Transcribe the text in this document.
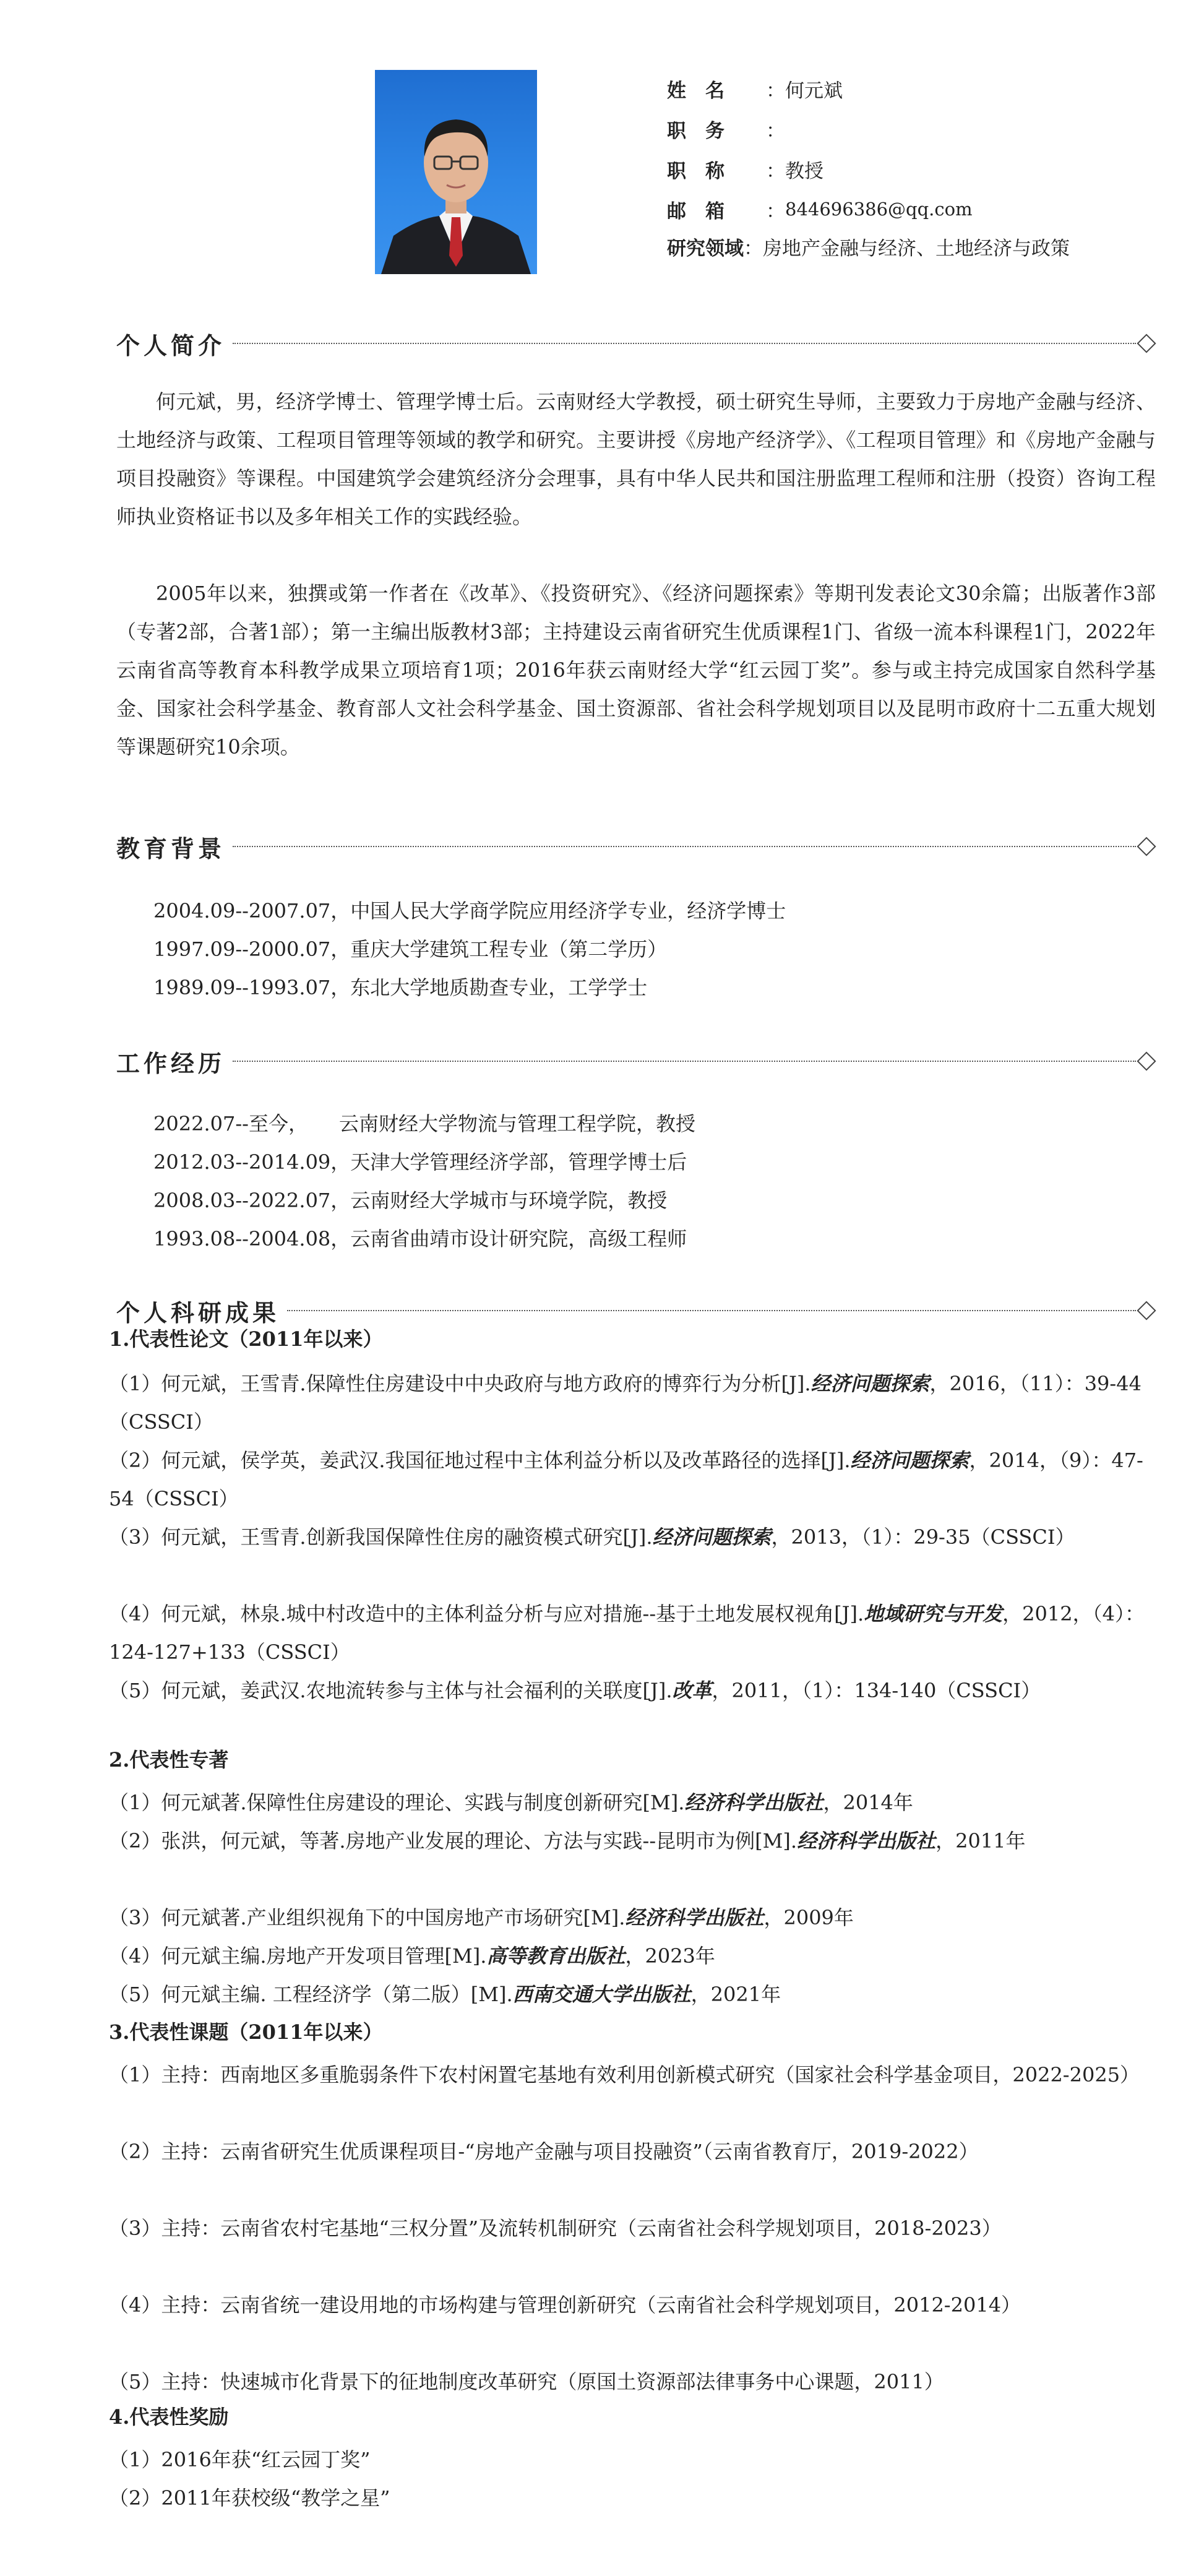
姓　名 ： 何元斌
职　务 ：
职　称 ： 教授
邮　箱 ： 844696386@qq.com
研究领域 ： 房地产金融与经济、土地经济与政策
个人简介

何元斌，男，经济学博士、管理学博士后。云南财经大学教授，硕士研究生导师，主要致力于房地产金融与经济、土地经济与政策、工程项目管理等领域的教学和研究。主要讲授《房地产经济学》、《工程项目管理》和《房地产金融与项目投融资》等课程。中国建筑学会建筑经济分会理事，具有中华人民共和国注册监理工程师和注册（投资）咨询工程师执业资格证书以及多年相关工作的实践经验。

2005年以来，独撰或第一作者在《改革》、《投资研究》、《经济问题探索》等期刊发表论文30余篇；出版著作3部（专著2部，合著1部）；第一主编出版教材3部；主持建设云南省研究生优质课程1门、省级一流本科课程1门，2022年云南省高等教育本科教学成果立项培育1项；2016年获云南财经大学“红云园丁奖”。参与或主持完成国家自然科学基金、国家社会科学基金、教育部人文社会科学基金、国土资源部、省社会科学规划项目以及昆明市政府十二五重大规划等课题研究10余项。

教育背景
2004.09--2007.07，中国人民大学商学院应用经济学专业，经济学博士
1997.09--2000.07，重庆大学建筑工程专业（第二学历）
1989.09--1993.07，东北大学地质勘查专业，工学学士
工作经历
2022.07--至今， 云南财经大学物流与管理工程学院，教授
2012.03--2014.09，天津大学管理经济学部，管理学博士后
2008.03--2022.07，云南财经大学城市与环境学院，教授
1993.08--2004.08，云南省曲靖市设计研究院，高级工程师
个人科研成果
1.代表性论文（2011年以来）

（1）何元斌，王雪青.保障性住房建设中中央政府与地方政府的博弈行为分析[J].经济问题探索，2016，（11）：39-44（CSSCI）

（2）何元斌，侯学英，姜武汉.我国征地过程中主体利益分析以及改革路径的选择[J].经济问题探索，2014，（9）：47-54（CSSCI）

（3）何元斌，王雪青.创新我国保障性住房的融资模式研究[J].经济问题探索，2013，（1）：29-35（CSSCI）

（4）何元斌，林泉.城中村改造中的主体利益分析与应对措施--基于土地发展权视角[J].地域研究与开发，2012，（4）：124-127+133（CSSCI）

（5）何元斌，姜武汉.农地流转参与主体与社会福利的关联度[J].改革，2011，（1）：134-140（CSSCI）

2.代表性专著

（1）何元斌著.保障性住房建设的理论、实践与制度创新研究[M].经济科学出版社，2014年

（2）张洪，何元斌，等著.房地产业发展的理论、方法与实践--昆明市为例[M].经济科学出版社，2011年

（3）何元斌著.产业组织视角下的中国房地产市场研究[M].经济科学出版社，2009年

（4）何元斌主编.房地产开发项目管理[M].高等教育出版社，2023年

（5）何元斌主编. 工程经济学（第二版）[M].西南交通大学出版社，2021年

3.代表性课题（2011年以来）

（1）主持：西南地区多重脆弱条件下农村闲置宅基地有效利用创新模式研究（国家社会科学基金项目，2022-2025）

（2）主持：云南省研究生优质课程项目-“房地产金融与项目投融资”（云南省教育厅，2019-2022）

（3）主持：云南省农村宅基地“三权分置”及流转机制研究（云南省社会科学规划项目，2018-2023）

（4）主持：云南省统一建设用地的市场构建与管理创新研究（云南省社会科学规划项目，2012-2014）

（5）主持：快速城市化背景下的征地制度改革研究（原国土资源部法律事务中心课题，2011）

4.代表性奖励

（1）2016年获“红云园丁奖”

（2）2011年获校级“教学之星”
